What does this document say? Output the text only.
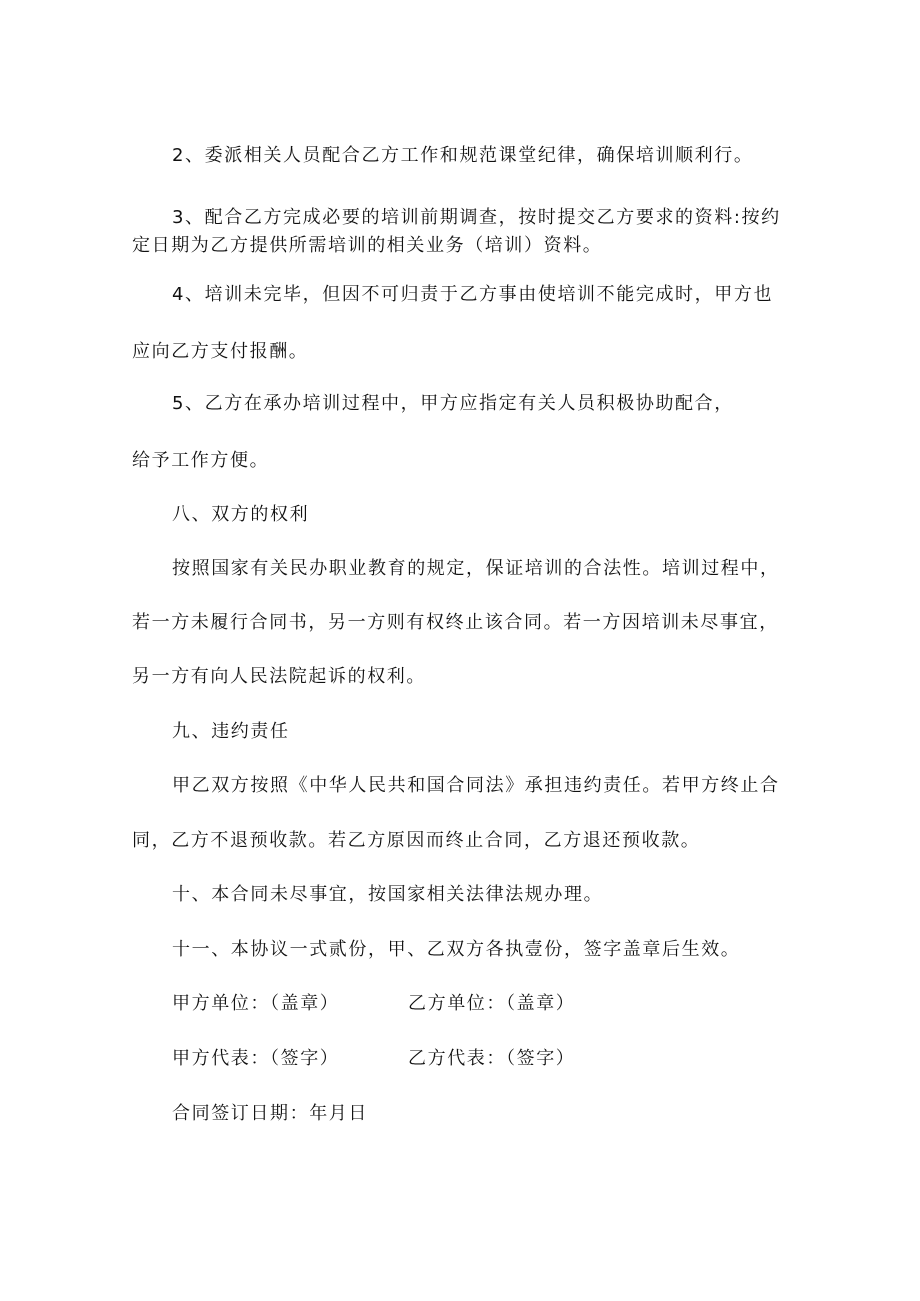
2、委派相关人员配合乙方工作和规范课堂纪律，确保培训顺利行。
3、配合乙方完成必要的培训前期调查，按时提交乙方要求的资料:按约
定日期为乙方提供所需培训的相关业务（培训）资料。
4、培训未完毕，但因不可归责于乙方事由使培训不能完成时，甲方也
应向乙方支付报酬。
5、乙方在承办培训过程中，甲方应指定有关人员积极协助配合，
给予工作方便。
八、双方的权利
按照国家有关民办职业教育的规定，保证培训的合法性。培训过程中，
若一方未履行合同书，另一方则有权终止该合同。若一方因培训未尽事宜，
另一方有向人民法院起诉的权利。
九、违约责任
甲乙双方按照《中华人民共和国合同法》承担违约责任。若甲方终止合
同，乙方不退预收款。若乙方原因而终止合同，乙方退还预收款。
十、本合同未尽事宜，按国家相关法律法规办理。
十一、本协议一式贰份，甲、乙双方各执壹份，签字盖章后生效。
甲方单位：（盖章）	乙方单位：（盖章）
甲方代表：（签字）	乙方代表：（签字）
合同签订日期：年月日
